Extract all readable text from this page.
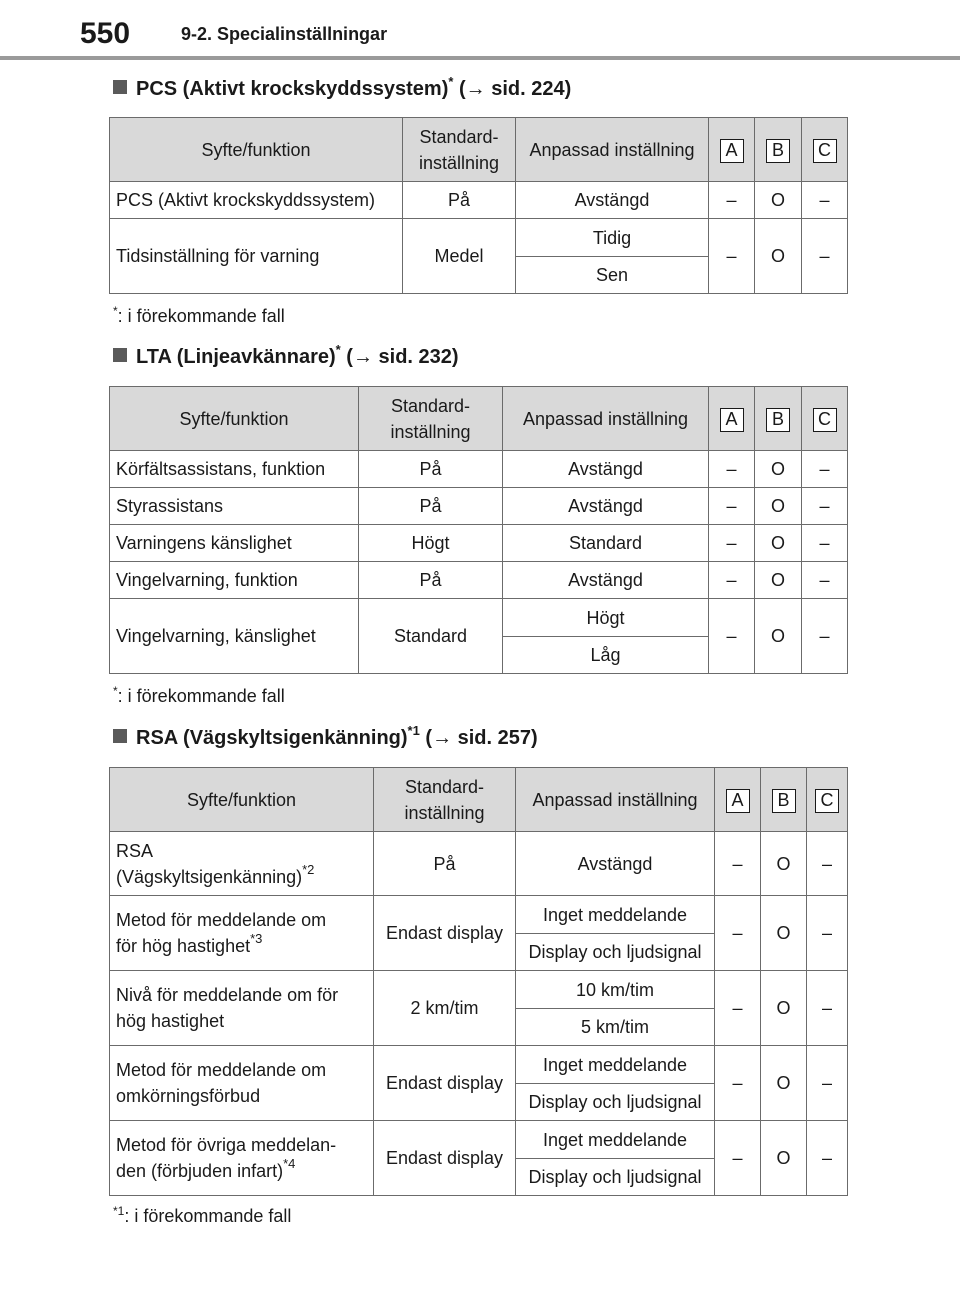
550	9-2. Specialinställningar
PCS (Aktivt krockskyddssystem)* (→ sid. 224)
Syfte/funktion	Standard-
inställning	Anpassad inställning	A	B	C
PCS (Aktivt krockskyddssystem)	På	Avstängd	–	O	–
Tidsinställning för varning	Medel	Tidig	–	O	–
		Sen			
*: i förekommande fall
LTA (Linjeavkännare)* (→ sid. 232)
Syfte/funktion	Standard-
inställning	Anpassad inställning	A	B	C
Körfältsassistans, funktion	På	Avstängd	–	O	–
Styrassistans	På	Avstängd	–	O	–
Varningens känslighet	Högt	Standard	–	O	–
Vingelvarning, funktion	På	Avstängd	–	O	–
Vingelvarning, känslighet	Standard	Högt	–	O	–
		Låg			
*: i förekommande fall
RSA (Vägskyltsigenkänning)$^{*1}$ (→ sid. 257)
Syfte/funktion	Standard-
inställning	Anpassad inställning	A	B	C
RSA
(Vägskyltsigenkänning)$^{*2}$	På	Avstängd	–	O	–
Metod för meddelande om
för hög hastighet$^{*3}$	Endast display	Inget meddelande	–	O	–
		Display och ljudsignal			
Nivå för meddelande om för
hög hastighet	2 km/tim	10 km/tim	–	O	–
		5 km/tim			
Metod för meddelande om
omkörningsförbud	Endast display	Inget meddelande	–	O	–
		Display och ljudsignal			
Metod för övriga meddelan-
den (förbjuden infart)$^{*4}$	Endast display	Inget meddelande	–	O	–
		Display och ljudsignal			
$^{*1}$: i förekommande fall
